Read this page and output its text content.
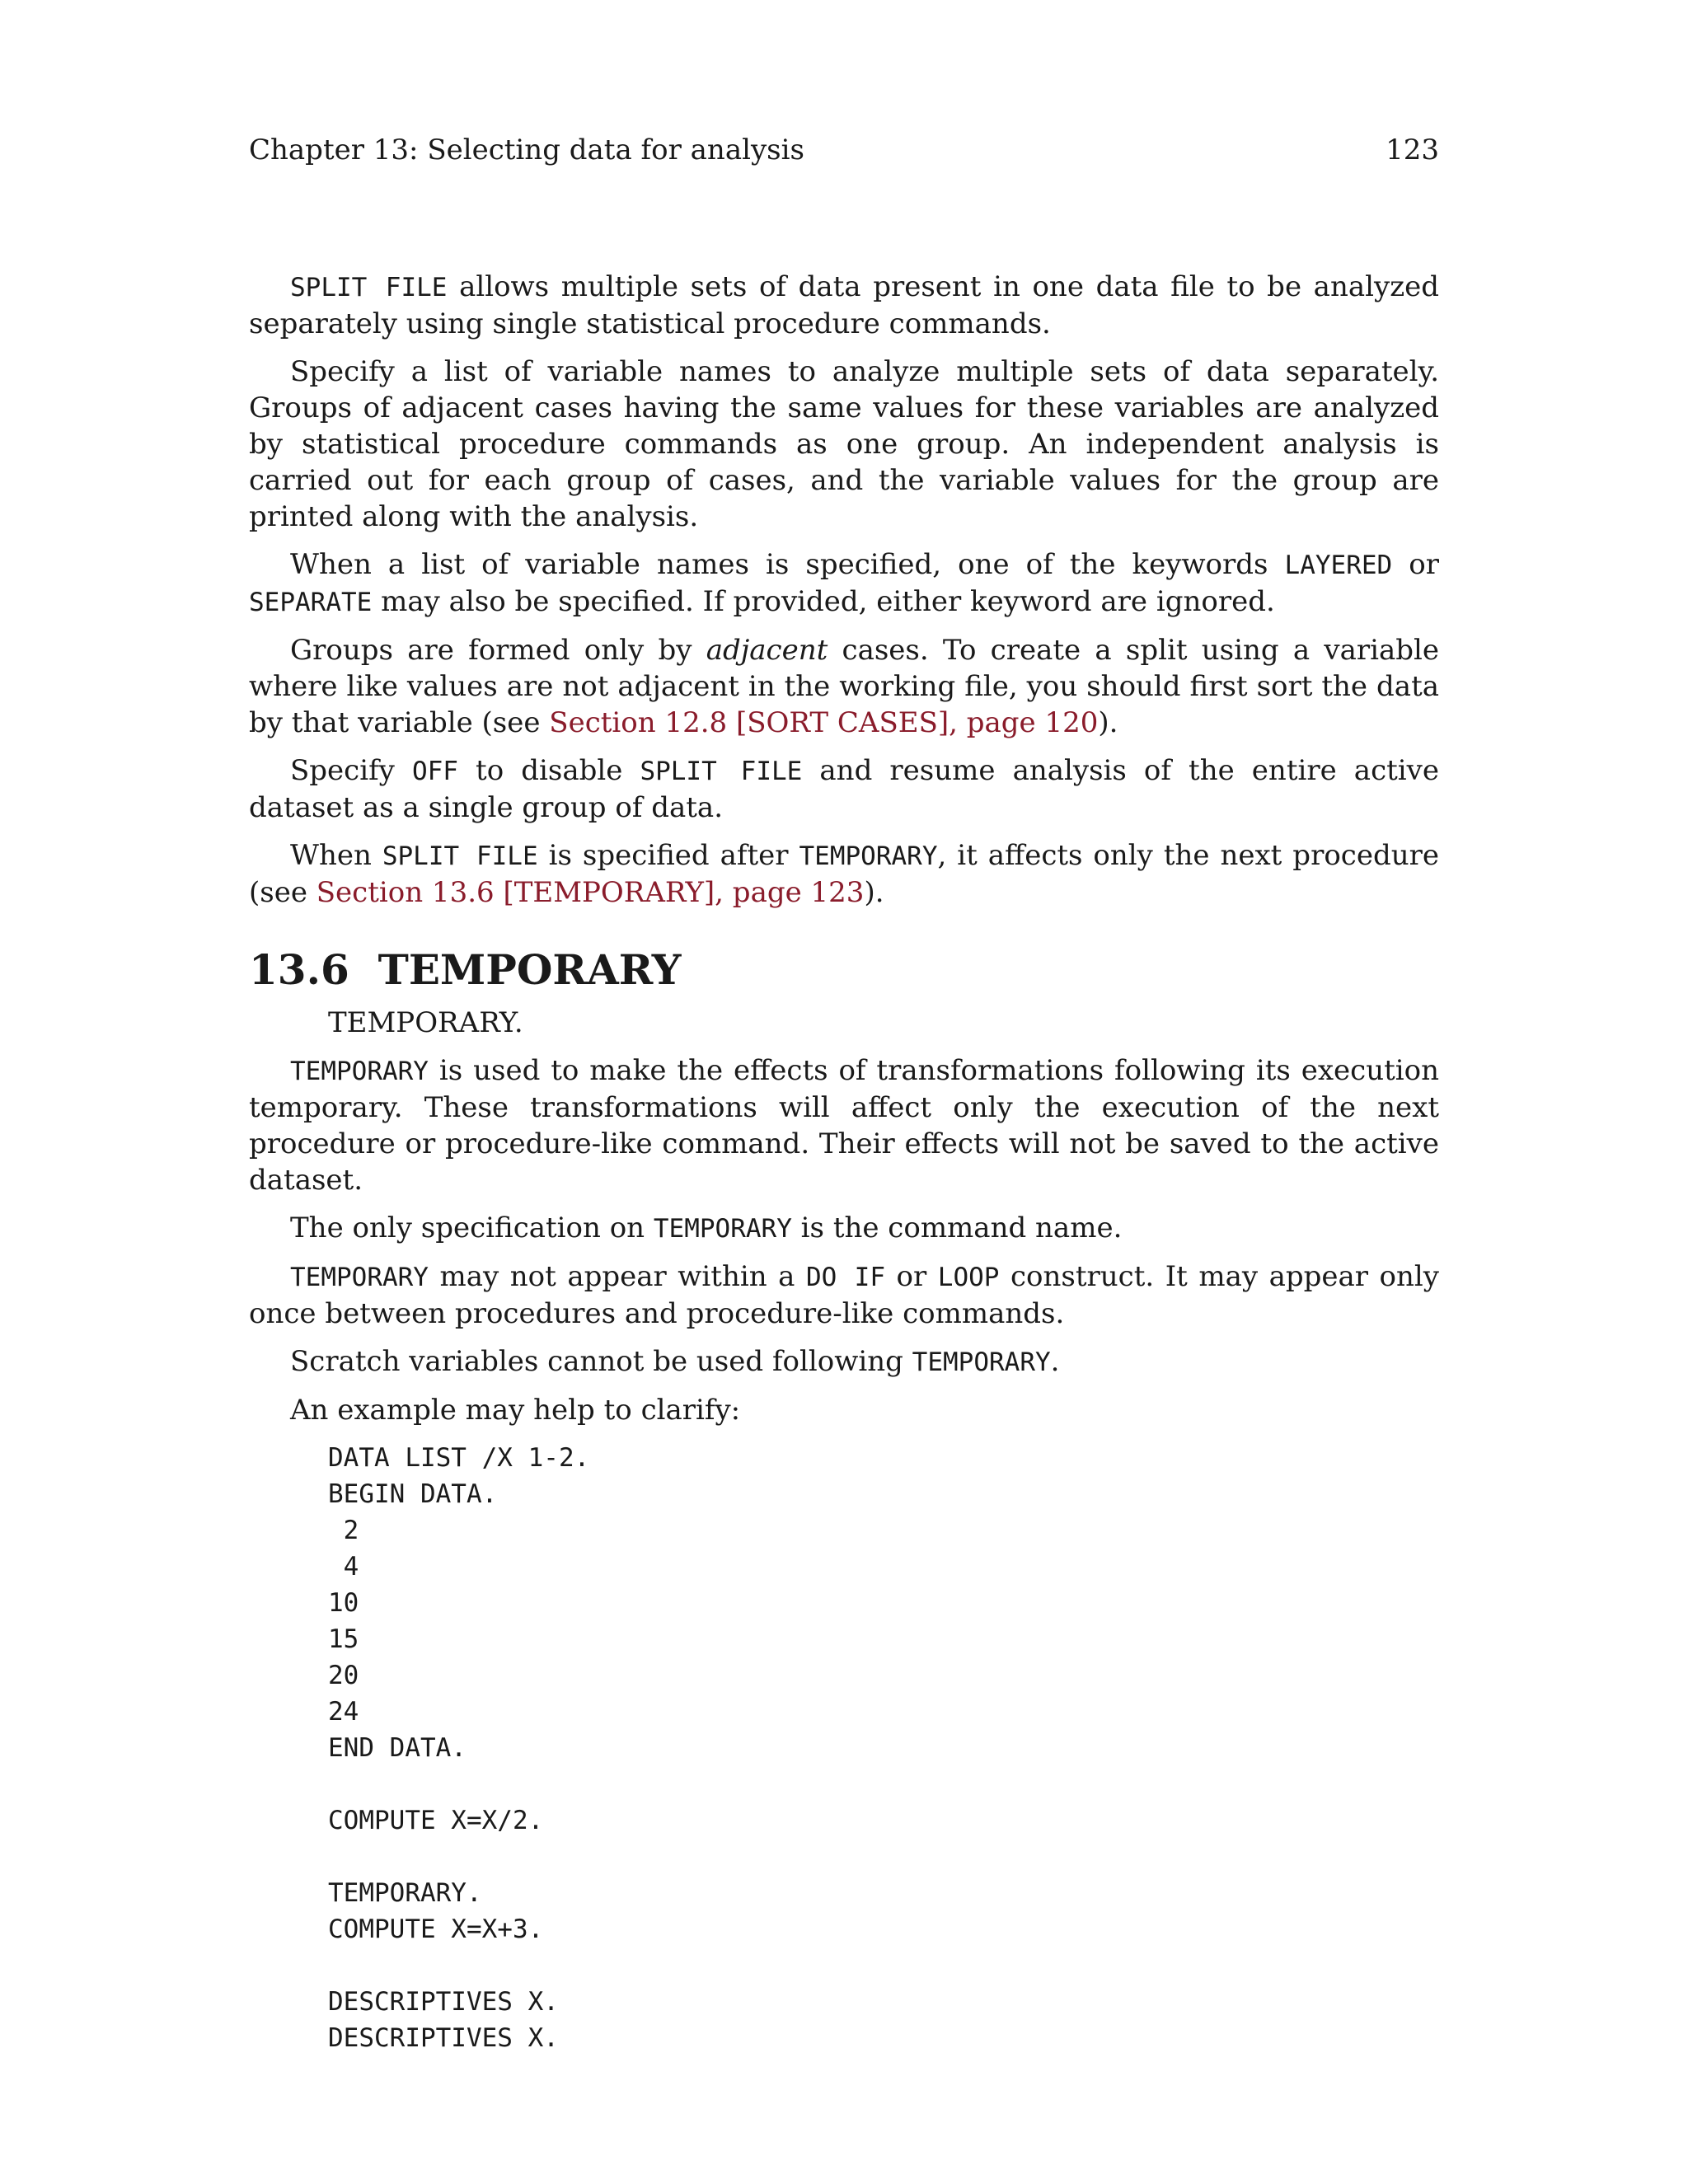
Chapter 13: Selecting data for analysis	123

SPLIT FILE allows multiple sets of data present in one data file to be analyzed separately using single statistical procedure commands.

Specify a list of variable names to analyze multiple sets of data separately. Groups of adjacent cases having the same values for these variables are analyzed by statistical procedure commands as one group. An independent analysis is carried out for each group of cases, and the variable values for the group are printed along with the analysis.

When a list of variable names is specified, one of the keywords LAYERED or SEPARATE may also be specified. If provided, either keyword are ignored.

Groups are formed only by adjacent cases. To create a split using a variable where like values are not adjacent in the working file, you should first sort the data by that variable (see Section 12.8 [SORT CASES], page 120).

Specify OFF to disable SPLIT FILE and resume analysis of the entire active dataset as a single group of data.

When SPLIT FILE is specified after TEMPORARY, it affects only the next procedure (see Section 13.6 [TEMPORARY], page 123).

13.6 TEMPORARY
TEMPORARY.

TEMPORARY is used to make the effects of transformations following its execution temporary. These transformations will affect only the execution of the next procedure or procedure-like command. Their effects will not be saved to the active dataset.

The only specification on TEMPORARY is the command name.

TEMPORARY may not appear within a DO IF or LOOP construct. It may appear only once between procedures and procedure-like commands.

Scratch variables cannot be used following TEMPORARY.

An example may help to clarify:

DATA LIST /X 1-2.
BEGIN DATA.
2
4
10
15
20
24
END DATA.

COMPUTE X=X/2.

TEMPORARY.
COMPUTE X=X+3.

DESCRIPTIVES X.
DESCRIPTIVES X.
